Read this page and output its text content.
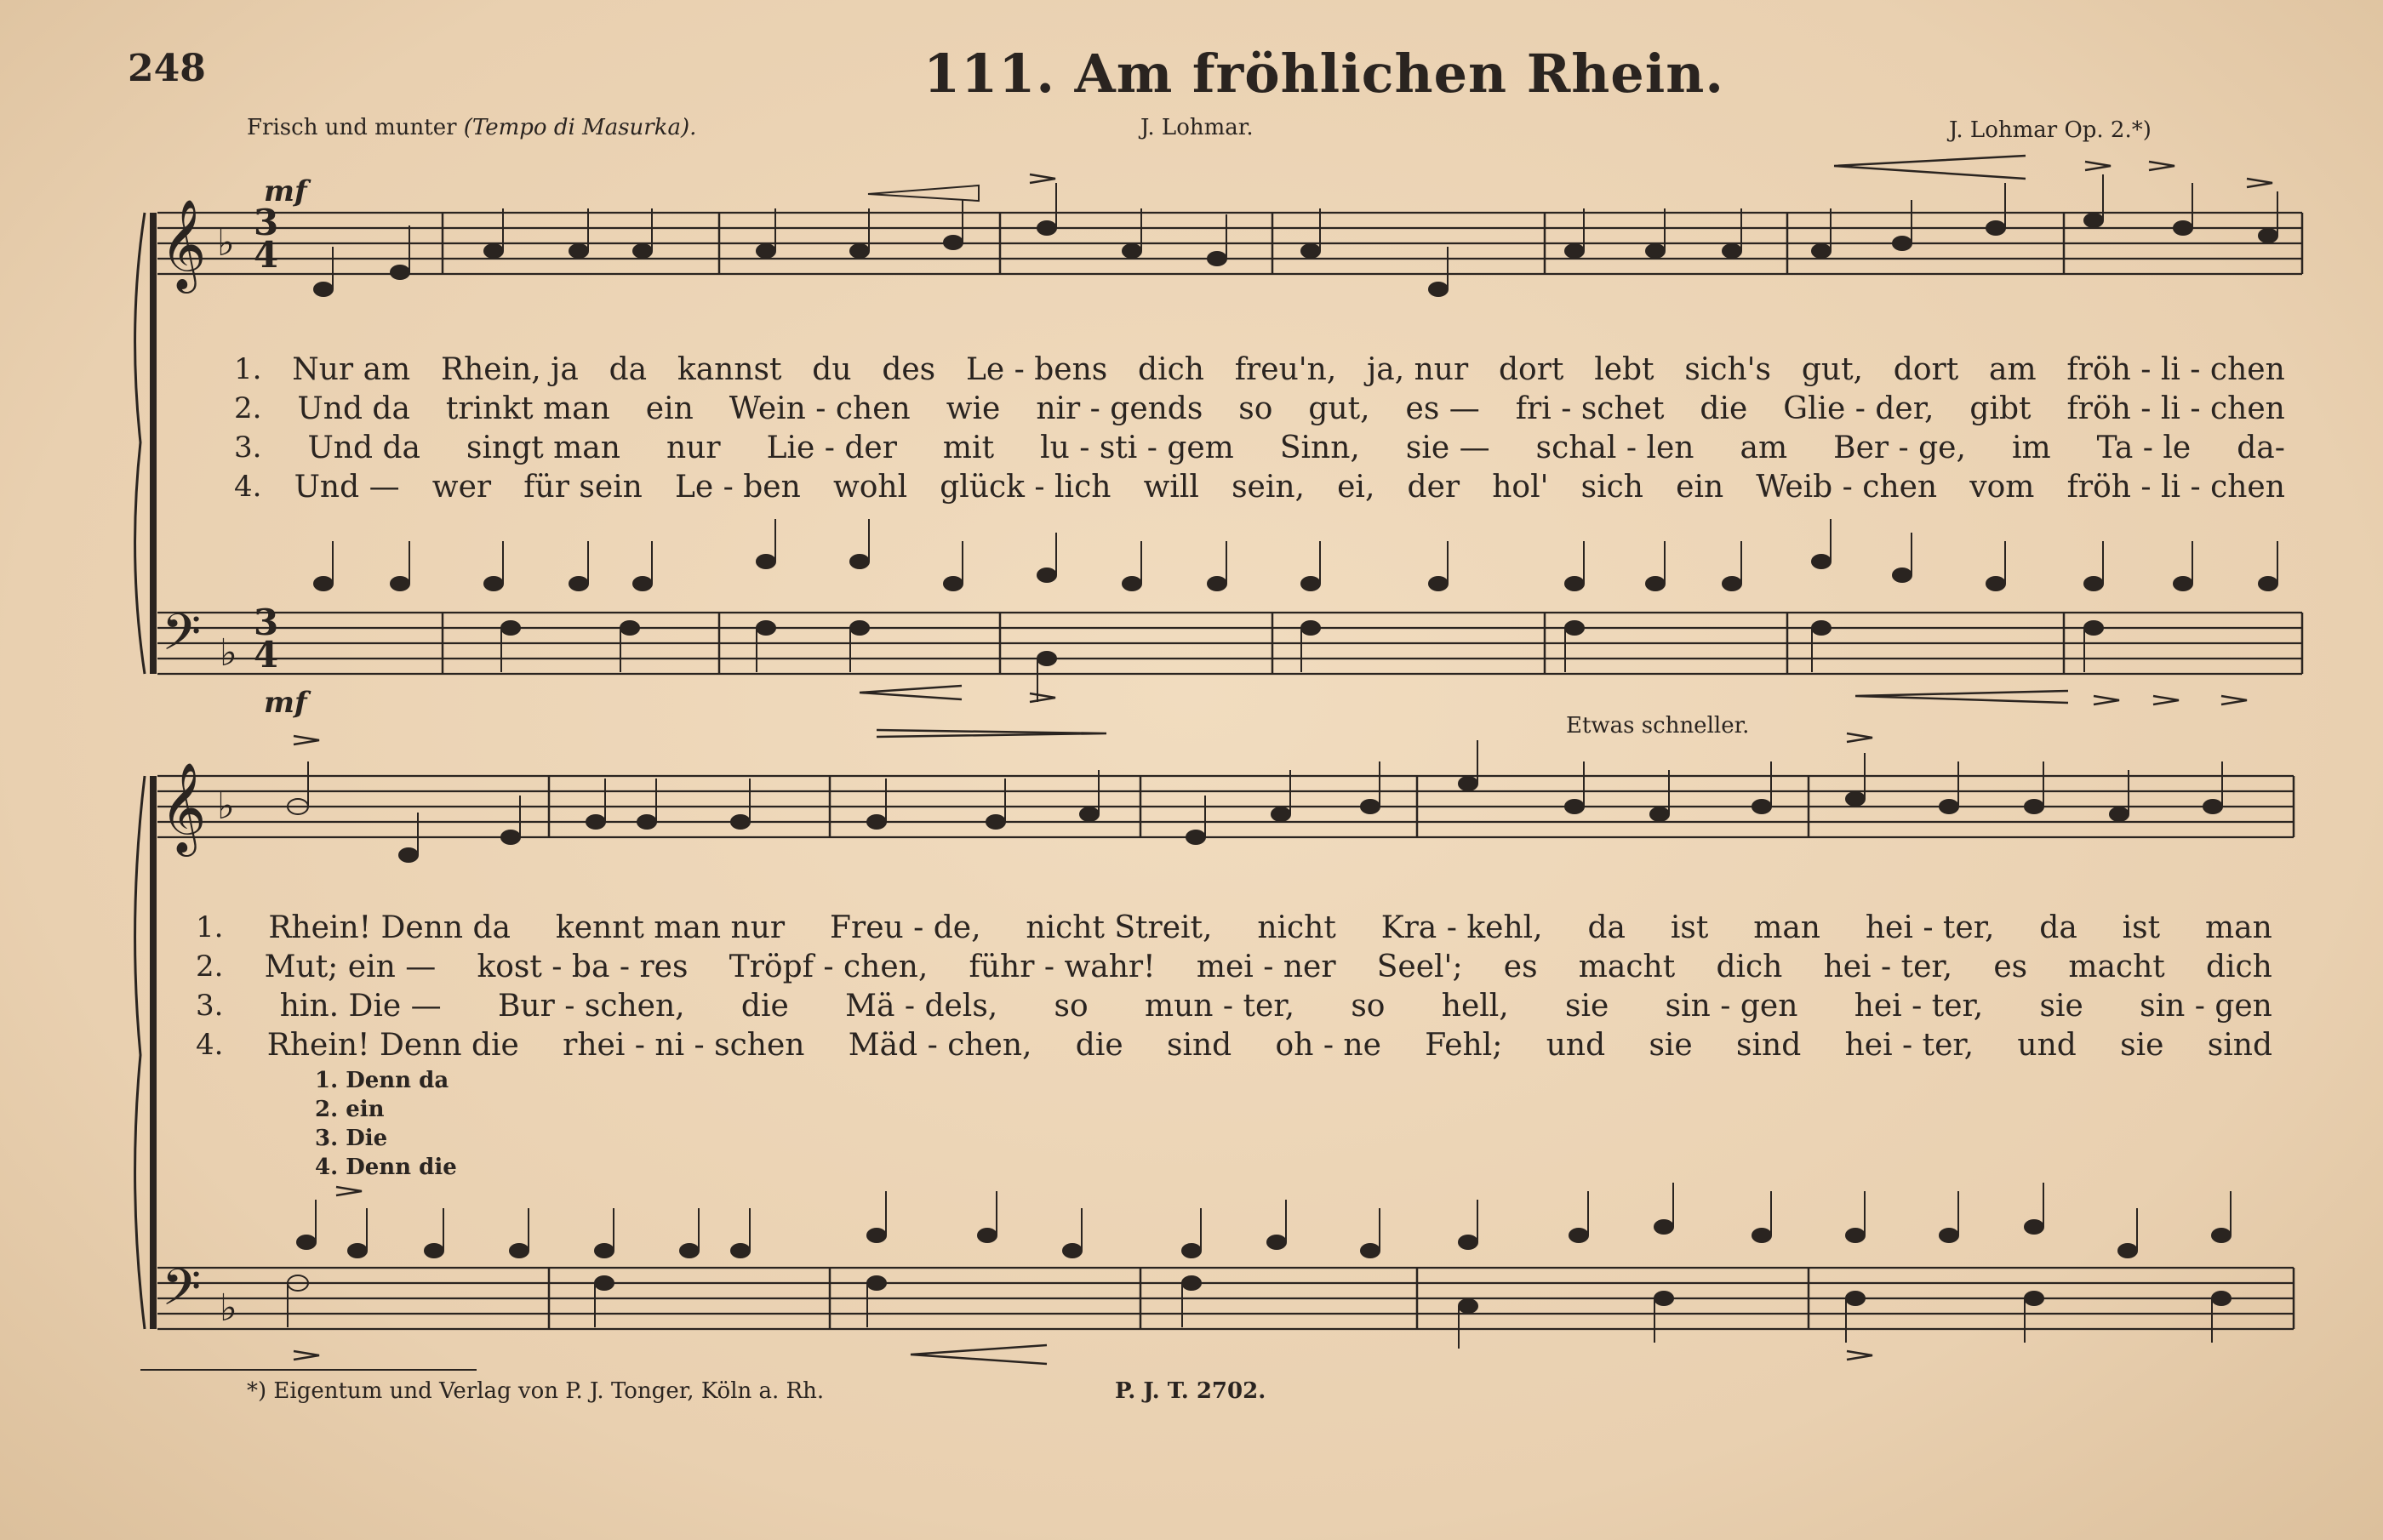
248	111. Am fröhlichen Rhein.
Frisch und munter (Tempo di Masurka).	J. Lohmar.	J. Lohmar Op. 2.*)
𝄞
𝄢
𝄞
𝄢
♭
♭
♭
♭
3
4
3
4
mf
mf
Etwas schneller.
1. Nur am Rhein, ja da kannst du des Le - bens dich freu'n, ja, nur dort lebt sich's gut, dort am fröh - li - chen
2. Und da trinkt man ein Wein - chen wie nir - gends so gut, es — fri - schet die Glie - der, gibt fröh - li - chen
3. Und da singt man nur Lie - der mit lu - sti - gem Sinn, sie — schal - len am Ber - ge, im Ta - le da-
4. Und — wer für sein Le - ben wohl glück - lich will sein, ei, der hol' sich ein Weib - chen vom fröh - li - chen
1. Rhein! Denn da kennt man nur Freu - de, nicht Streit, nicht Kra - kehl, da ist man hei - ter, da ist man
2. Mut; ein — kost - ba - res Tröpf - chen, führ - wahr! mei - ner Seel'; es macht dich hei - ter, es macht dich
3. hin. Die — Bur - schen, die Mä - dels, so mun - ter, so hell, sie sin - gen hei - ter, sie sin - gen
4. Rhein! Denn die rhei - ni - schen Mäd - chen, die sind oh - ne Fehl; und sie sind hei - ter, und sie sind
1. Denn da
2. ein
3. Die
4. Denn die
*) Eigentum und Verlag von P. J. Tonger, Köln a. Rh.	P. J. T. 2702.
